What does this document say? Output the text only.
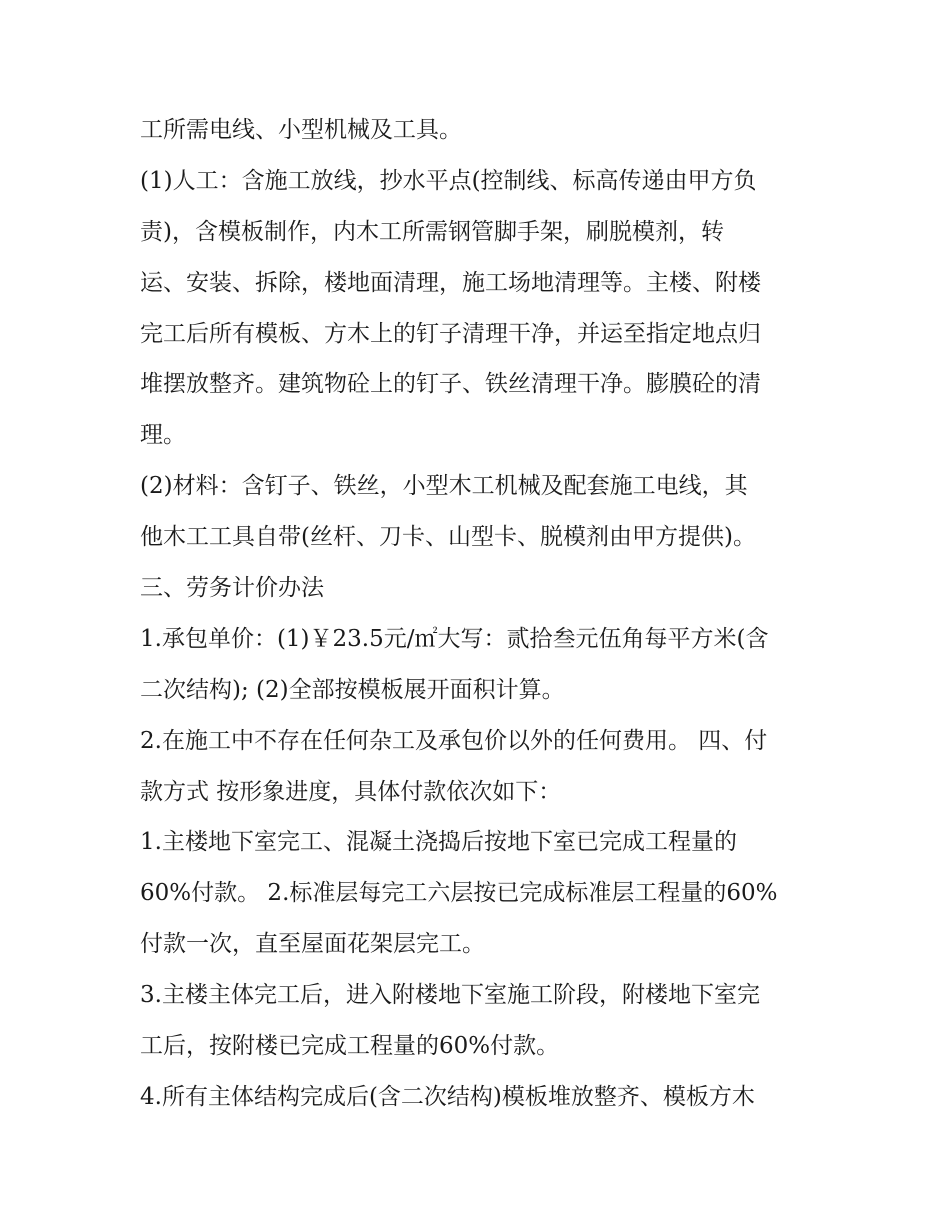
工所需电线、小型机械及工具。

(1)人工：含施工放线，抄水平点(控制线、标高传递由甲方负

责)，含模板制作，内木工所需钢管脚手架，刷脱模剂，转

运、安装、拆除，楼地面清理，施工场地清理等。主楼、附楼

完工后所有模板、方木上的钉子清理干净，并运至指定地点归

堆摆放整齐。建筑物砼上的钉子、铁丝清理干净。膨膜砼的清

理。

(2)材料：含钉子、铁丝，小型木工机械及配套施工电线，其

他木工工具自带(丝杆、刀卡、山型卡、脱模剂由甲方提供)。

三、劳务计价办法

1.承包单价：(1)￥23.5元/㎡大写：贰拾叁元伍角每平方米(含

二次结构); (2)全部按模板展开面积计算。

2.在施工中不存在任何杂工及承包价以外的任何费用。 四、付

款方式 按形象进度，具体付款依次如下：

1.主楼地下室完工、混凝土浇捣后按地下室已完成工程量的

60%付款。 2.标准层每完工六层按已完成标准层工程量的60%

付款一次，直至屋面花架层完工。

3.主楼主体完工后，进入附楼地下室施工阶段，附楼地下室完

工后，按附楼已完成工程量的60%付款。

4.所有主体结构完成后(含二次结构)模板堆放整齐、模板方木
